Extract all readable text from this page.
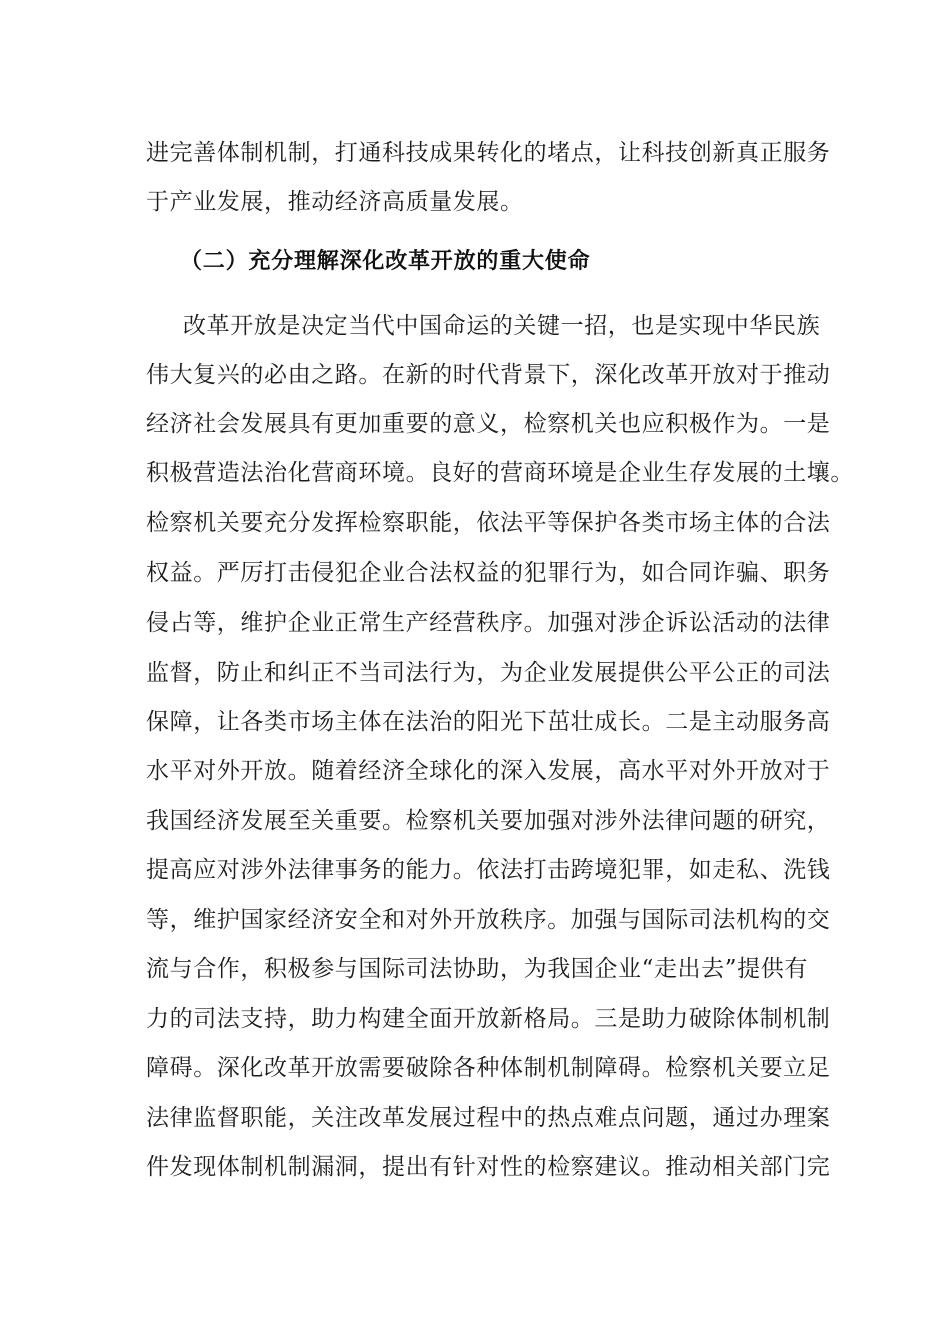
进完善体制机制，打通科技成果转化的堵点，让科技创新真正服务

于产业发展，推动经济高质量发展。

（二）充分理解深化改革开放的重大使命

改革开放是决定当代中国命运的关键一招，也是实现中华民族

伟大复兴的必由之路。在新的时代背景下，深化改革开放对于推动

经济社会发展具有更加重要的意义，检察机关也应积极作为。一是

积极营造法治化营商环境。良好的营商环境是企业生存发展的土壤。

检察机关要充分发挥检察职能，依法平等保护各类市场主体的合法

权益。严厉打击侵犯企业合法权益的犯罪行为，如合同诈骗、职务

侵占等，维护企业正常生产经营秩序。加强对涉企诉讼活动的法律

监督，防止和纠正不当司法行为，为企业发展提供公平公正的司法

保障，让各类市场主体在法治的阳光下茁壮成长。二是主动服务高

水平对外开放。随着经济全球化的深入发展，高水平对外开放对于

我国经济发展至关重要。检察机关要加强对涉外法律问题的研究，

提高应对涉外法律事务的能力。依法打击跨境犯罪，如走私、洗钱

等，维护国家经济安全和对外开放秩序。加强与国际司法机构的交

流与合作，积极参与国际司法协助，为我国企业“走出去”提供有

力的司法支持，助力构建全面开放新格局。三是助力破除体制机制

障碍。深化改革开放需要破除各种体制机制障碍。检察机关要立足

法律监督职能，关注改革发展过程中的热点难点问题，通过办理案

件发现体制机制漏洞，提出有针对性的检察建议。推动相关部门完
